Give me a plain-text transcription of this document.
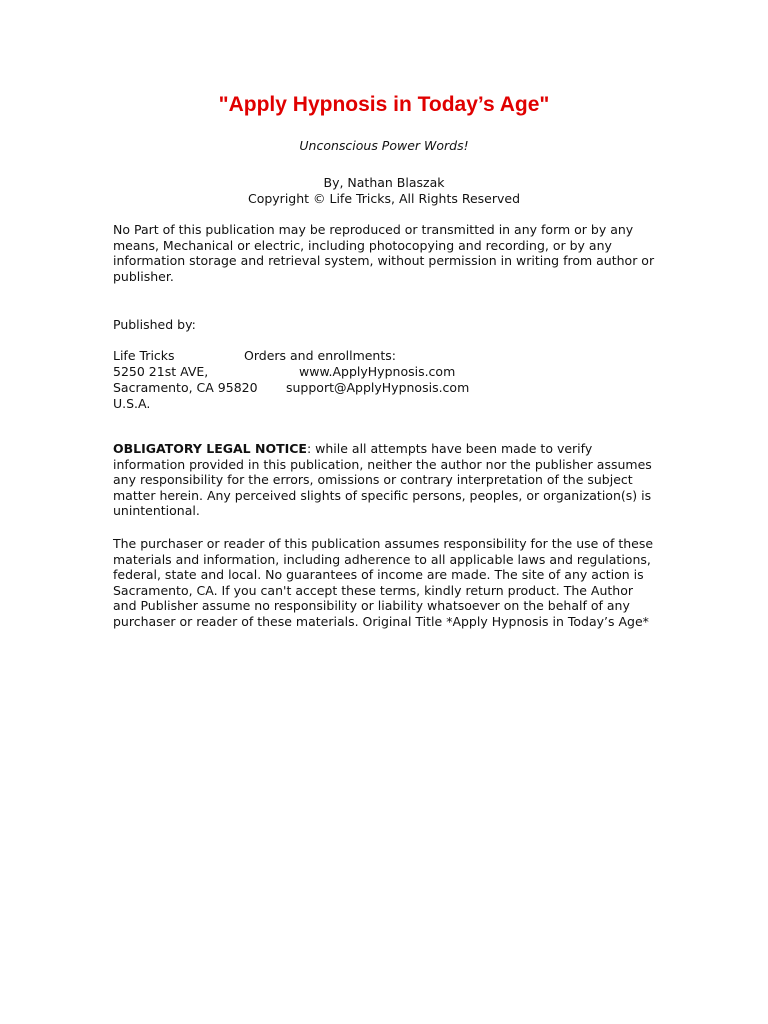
"Apply Hypnosis in Today’s Age"

Unconscious Power Words!

By, Nathan Blaszak

Copyright © Life Tricks, All Rights Reserved

No Part of this publication may be reproduced or transmitted in any form or by any means, Mechanical or electric, including photocopying and recording, or by any information storage and retrieval system, without permission in writing from author or publisher.

Published by:

Life Tricks

5250 21st AVE,

Sacramento, CA 95820

U.S.A.

Orders and enrollments:

www.ApplyHypnosis.com

support@ApplyHypnosis.com

OBLIGATORY LEGAL NOTICE: while all attempts have been made to verify information provided in this publication, neither the author nor the publisher assumes any responsibility for the errors, omissions or contrary interpretation of the subject matter herein. Any perceived slights of specific persons, peoples, or organization(s) is unintentional.

The purchaser or reader of this publication assumes responsibility for the use of these materials and information, including adherence to all applicable laws and regulations, federal, state and local. No guarantees of income are made. The site of any action is Sacramento, CA. If you can't accept these terms, kindly return product. The Author and Publisher assume no responsibility or liability whatsoever on the behalf of any purchaser or reader of these materials. Original Title *Apply Hypnosis in Today’s Age*
